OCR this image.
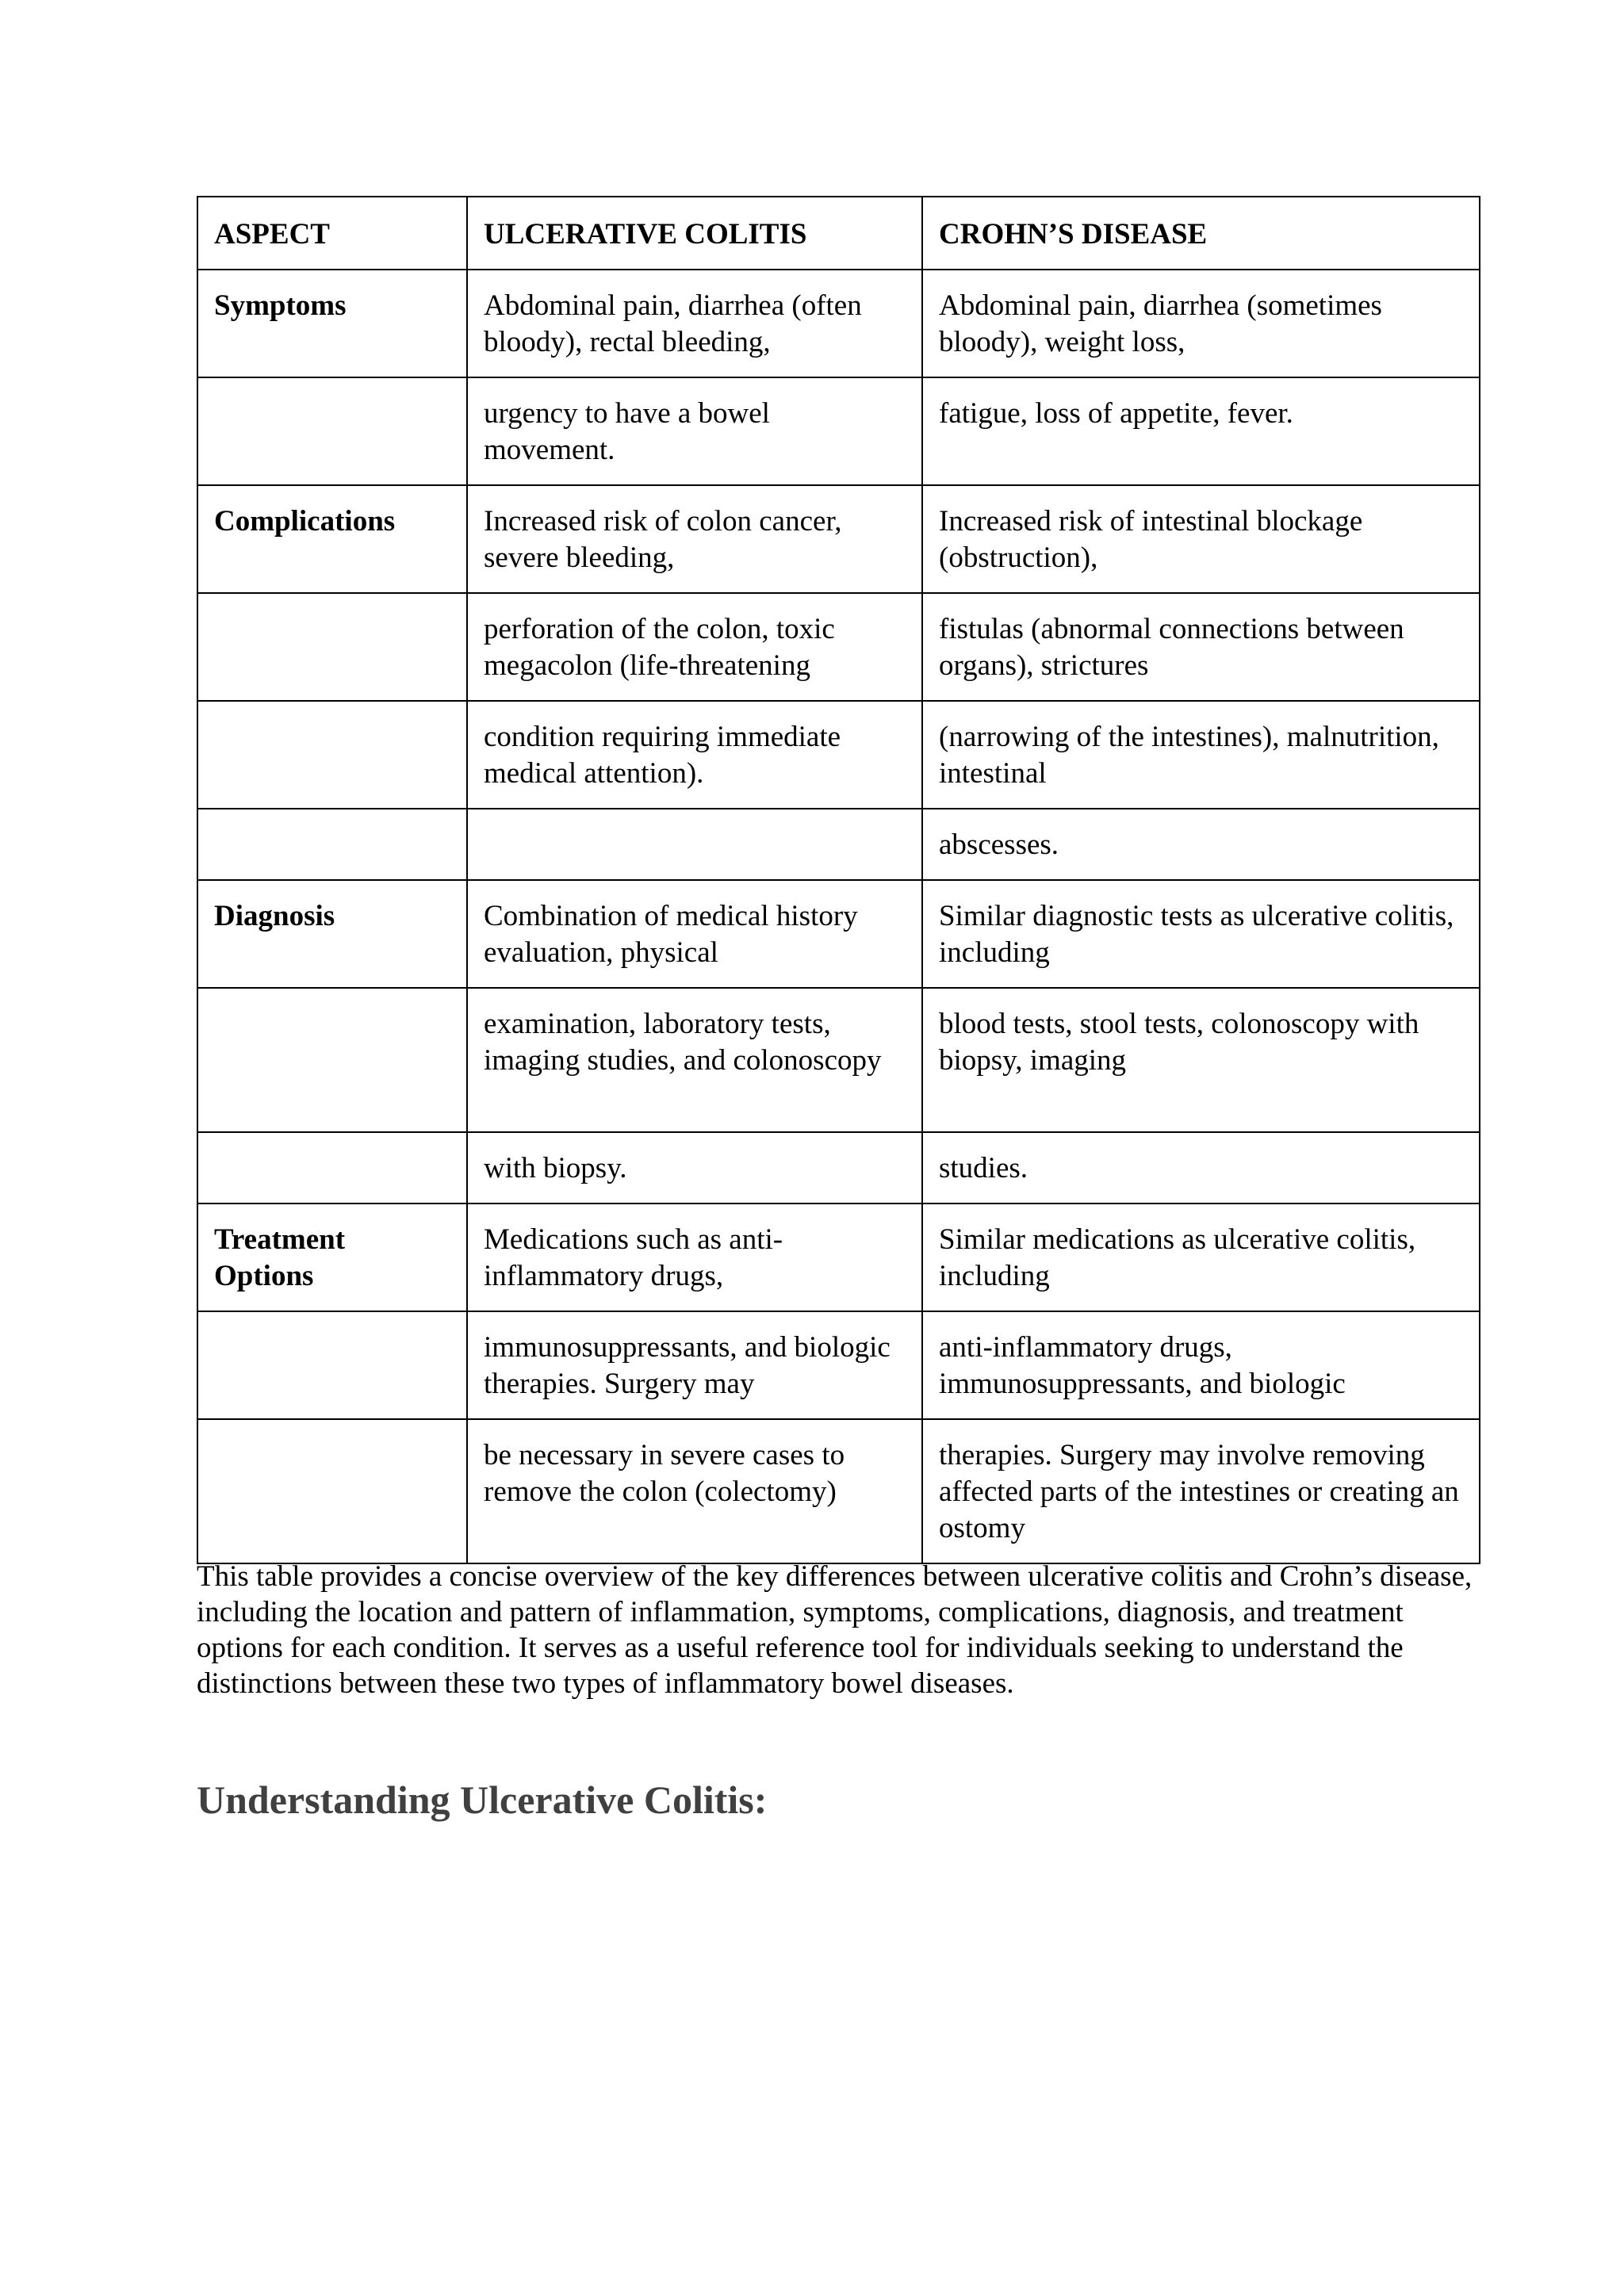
ASPECT	ULCERATIVE COLITIS	CROHN’S DISEASE
Symptoms	Abdominal pain, diarrhea (often bloody), rectal bleeding,	Abdominal pain, diarrhea (sometimes bloody), weight loss,
	urgency to have a bowel movement.	fatigue, loss of appetite, fever.
Complications	Increased risk of colon cancer, severe bleeding,	Increased risk of intestinal blockage (obstruction),
	perforation of the colon, toxic megacolon (life-threatening	fistulas (abnormal connections between organs), strictures
	condition requiring immediate medical attention).	(narrowing of the intestines), malnutrition, intestinal
		abscesses.
Diagnosis	Combination of medical history evaluation, physical	Similar diagnostic tests as ulcerative colitis, including
	examination, laboratory tests, imaging studies, and colonoscopy	blood tests, stool tests, colonoscopy with biopsy, imaging
	with biopsy.	studies.
Treatment Options	Medications such as anti-inflammatory drugs,	Similar medications as ulcerative colitis, including
	immunosuppressants, and biologic therapies. Surgery may	anti-inflammatory drugs, immunosuppressants, and biologic
	be necessary in severe cases to remove the colon (colectomy)	therapies. Surgery may involve removing affected parts of the intestines or creating an ostomy

This table provides a concise overview of the key differences between ulcerative colitis and Crohn’s disease, including the location and pattern of inflammation, symptoms, complications, diagnosis, and treatment options for each condition. It serves as a useful reference tool for individuals seeking to understand the distinctions between these two types of inflammatory bowel diseases.

Understanding Ulcerative Colitis:
